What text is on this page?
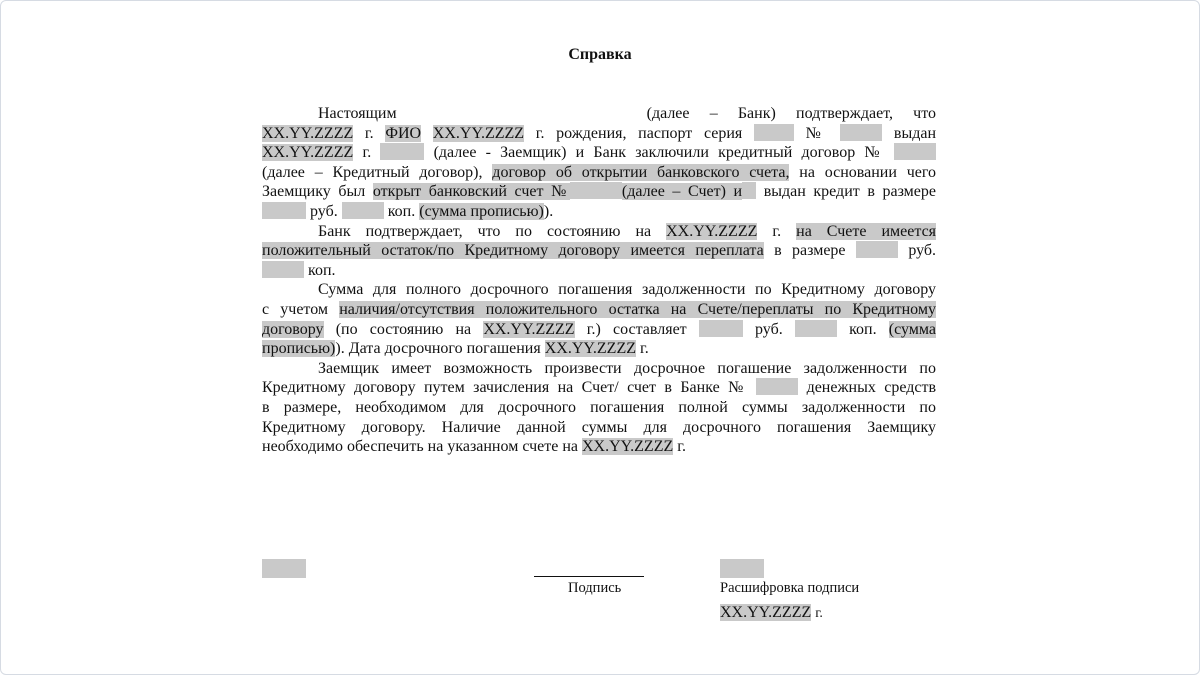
Справка

Настоящим	(далее – Банк) подтверждает, что

XX.YY.ZZZZ г. ФИО XX.YY.ZZZZ г. рождения, паспорт серия	№	выдан

XX.YY.ZZZZ г.	(далее - Заемщик) и Банк заключили кредитный договор №

(далее – Кредитный договор), договор об открытии банковского счета, на основании чего

Заемщику был открыт банковский счет №	(далее – Счет) и выдан кредит в размере

руб.	коп. (сумма прописью)).

Банк подтверждает, что по состоянию на XX.YY.ZZZZ г. на Счете имеется

положительный остаток/по Кредитному договору имеется переплата в размере	руб.

коп.

Сумма для полного досрочного погашения задолженности по Кредитному договору

с учетом наличия/отсутствия положительного остатка на Счете/переплаты по Кредитному

договору (по состоянию на XX.YY.ZZZZ г.) составляет	руб.	коп. (сумма

прописью)). Дата досрочного погашения XX.YY.ZZZZ г.

Заемщик имеет возможность произвести досрочное погашение задолженности по

Кредитному договору путем зачисления на Счет/ счет в Банке №	денежных средств

в размере, необходимом для досрочного погашения полной суммы задолженности по

Кредитному договору. Наличие данной суммы для досрочного погашения Заемщику

необходимо обеспечить на указанном счете на XX.YY.ZZZZ г.

Подпись	Расшифровка подписи
XX.YY.ZZZZ г.
